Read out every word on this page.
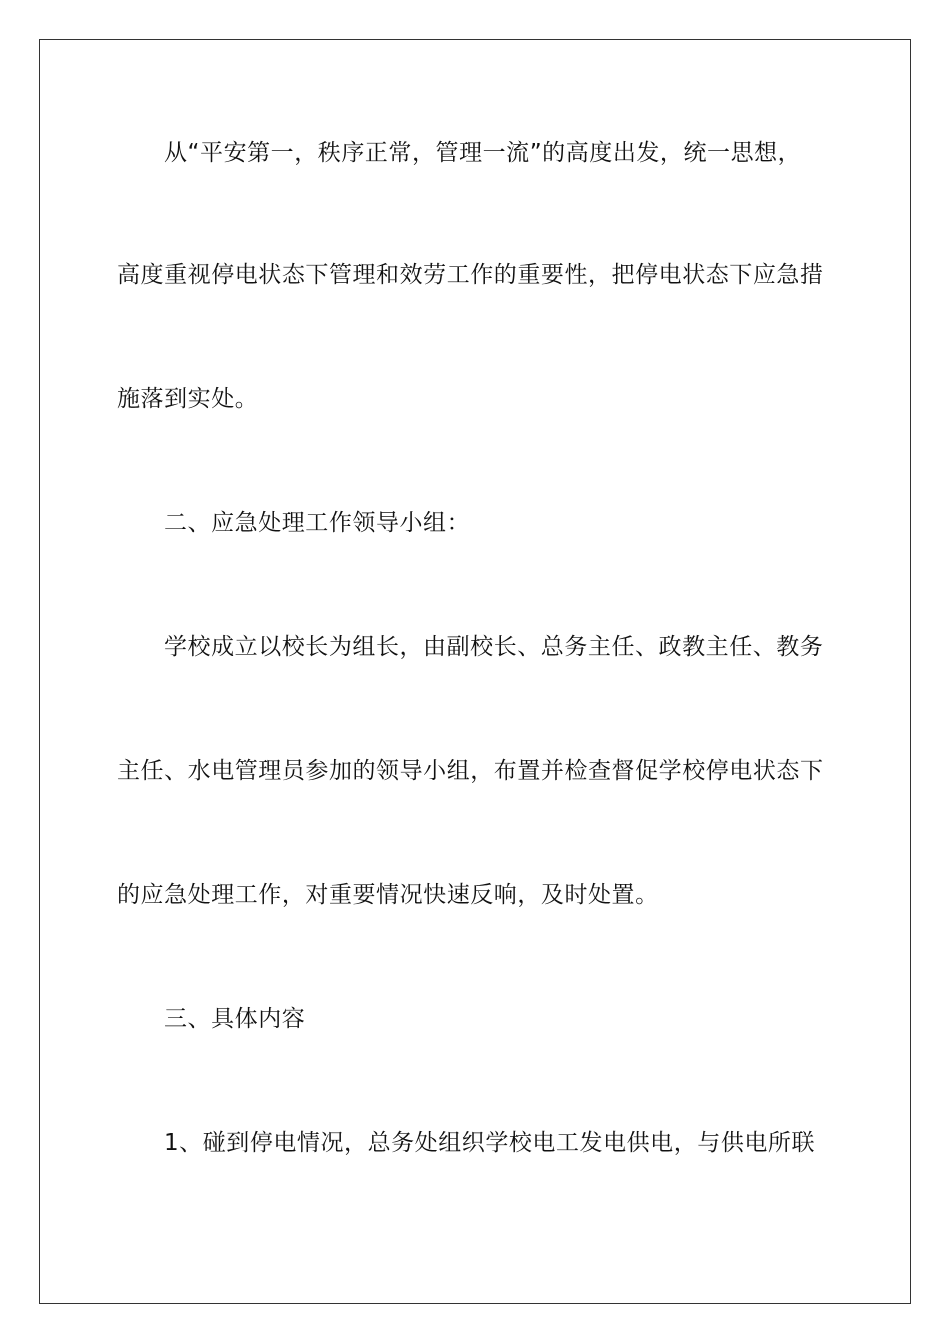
从“平安第一，秩序正常，管理一流”的高度出发，统一思想，
高度重视停电状态下管理和效劳工作的重要性，把停电状态下应急措
施落到实处。
二、应急处理工作领导小组：
学校成立以校长为组长，由副校长、总务主任、政教主任、教务
主任、水电管理员参加的领导小组，布置并检查督促学校停电状态下
的应急处理工作，对重要情况快速反响，及时处置。
三、具体内容
1、碰到停电情况，总务处组织学校电工发电供电，与供电所联
